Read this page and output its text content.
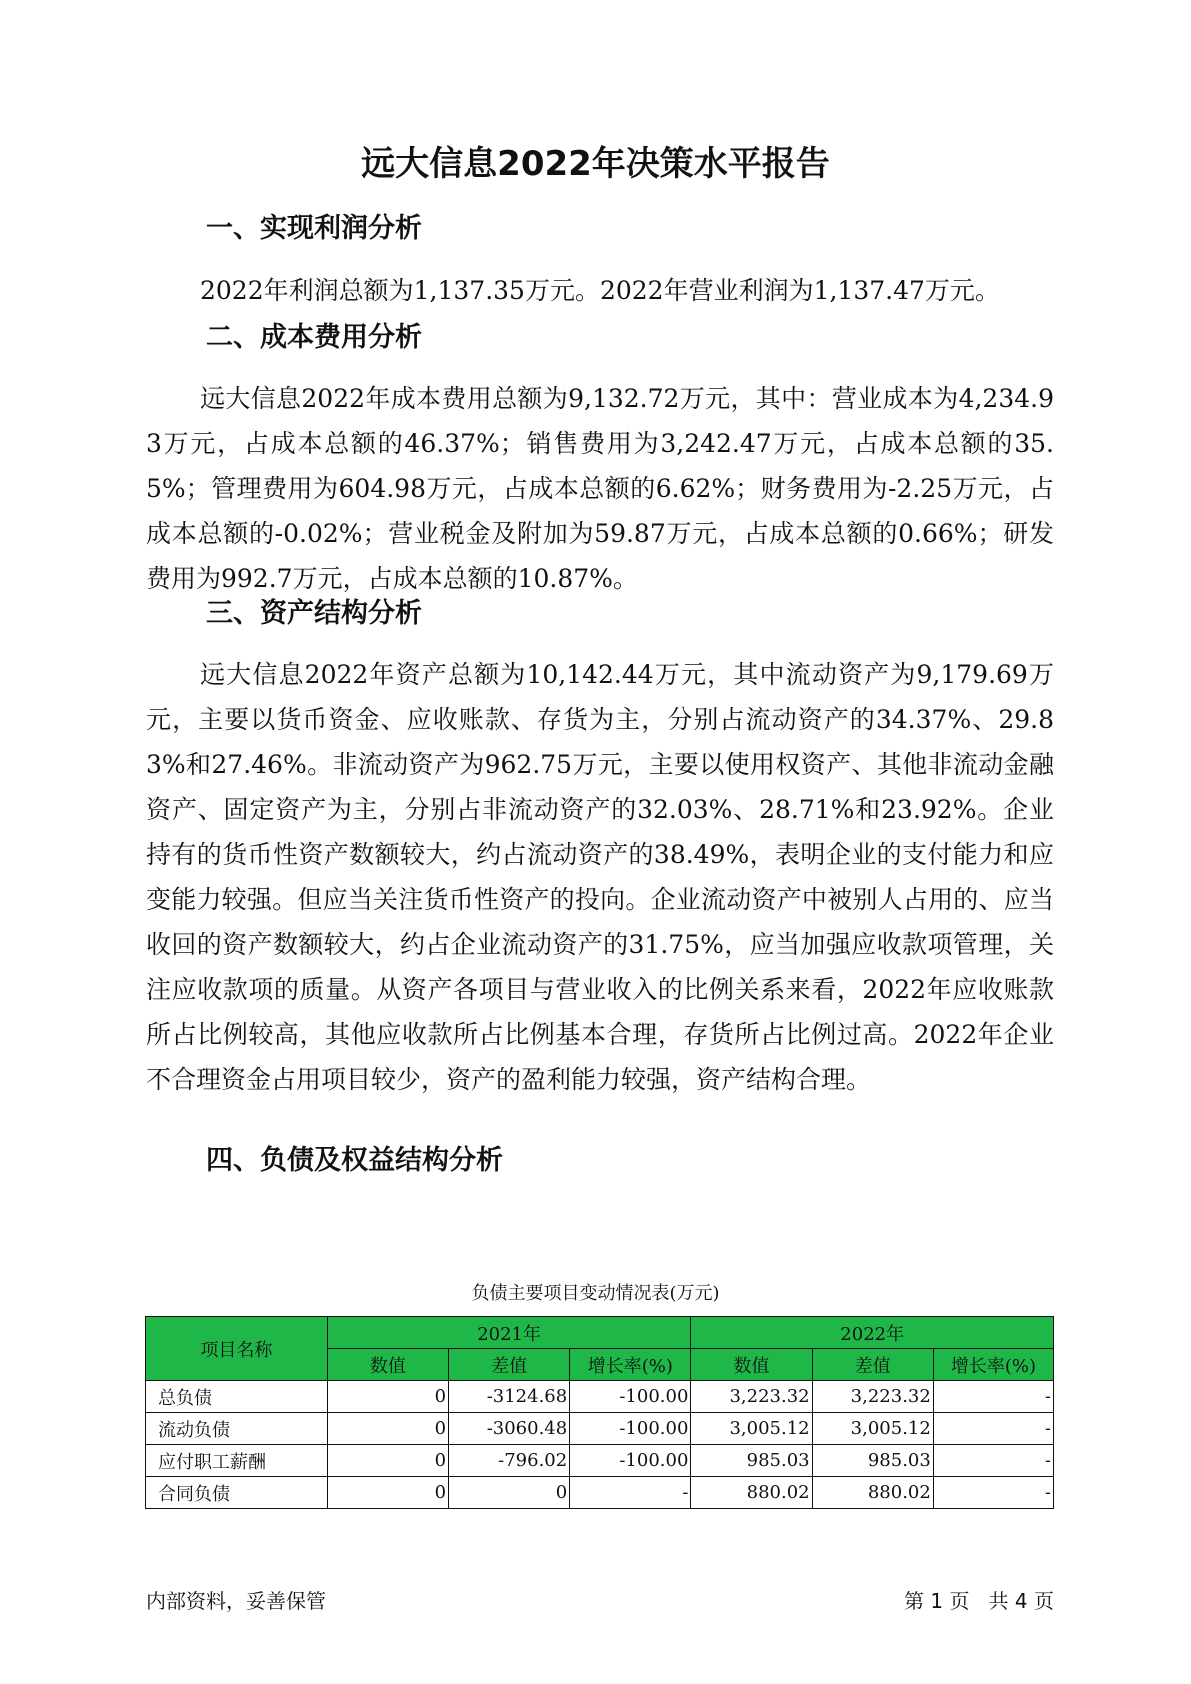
远大信息2022年决策水平报告
一、实现利润分析

2022年利润总额为1,137.35万元。2022年营业利润为1,137.47万元。

二、成本费用分析

远大信息2022年成本费用总额为9,132.72万元，其中：营业成本为4,234.93万元，占成本总额的46.37%；销售费用为3,242.47万元，占成本总额的35.5%；管理费用为604.98万元，占成本总额的6.62%；财务费用为-2.25万元，占成本总额的-0.02%；营业税金及附加为59.87万元，占成本总额的0.66%；研发费用为992.7万元，占成本总额的10.87%。

三、资产结构分析

远大信息2022年资产总额为10,142.44万元，其中流动资产为9,179.69万元，主要以货币资金、应收账款、存货为主，分别占流动资产的34.37%、29.83%和27.46%。非流动资产为962.75万元，主要以使用权资产、其他非流动金融资产、固定资产为主，分别占非流动资产的32.03%、28.71%和23.92%。企业持有的货币性资产数额较大，约占流动资产的38.49%，表明企业的支付能力和应变能力较强。但应当关注货币性资产的投向。企业流动资产中被别人占用的、应当收回的资产数额较大，约占企业流动资产的31.75%，应当加强应收款项管理，关注应收款项的质量。从资产各项目与营业收入的比例关系来看，2022年应收账款所占比例较高，其他应收款所占比例基本合理，存货所占比例过高。2022年企业不合理资金占用项目较少，资产的盈利能力较强，资产结构合理。

四、负债及权益结构分析

负债主要项目变动情况表(万元)

项目名称	2021年			2022年		
	数值	差值	增长率(%)	数值	差值	增长率(%)
总负债	0	-3124.68	-100.00	3,223.32	3,223.32	-
流动负债	0	-3060.48	-100.00	3,005.12	3,005.12	-
应付职工薪酬	0	-796.02	-100.00	985.03	985.03	-
合同负债	0	0	-	880.02	880.02	-

内部资料，妥善保管	第 1 页   共 4 页
